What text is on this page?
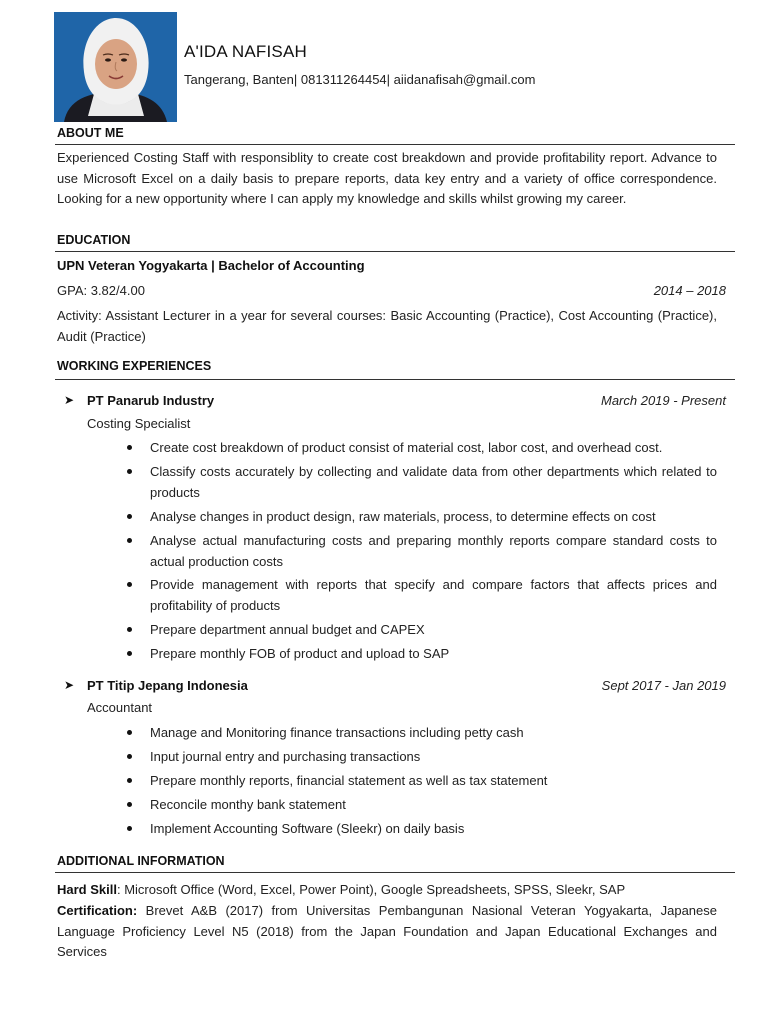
A'IDA NAFISAH
Tangerang, Banten| 081311264454| aiidanafisah@gmail.com
ABOUT ME
Experienced Costing Staff with responsiblity to create cost breakdown and provide profitability report. Advance to use Microsoft Excel on a daily basis to prepare reports, data key entry and a variety of office correspondence. Looking for a new opportunity where I can apply my knowledge and skills whilst growing my career.
EDUCATION
UPN Veteran Yogyakarta | Bachelor of Accounting
GPA: 3.82/4.00	2014 – 2018
Activity: Assistant Lecturer in a year for several courses: Basic Accounting (Practice), Cost Accounting (Practice), Audit (Practice)
WORKING EXPERIENCES
➤ PT Panarub Industry	March 2019 - Present
Costing Specialist
Create cost breakdown of product consist of material cost, labor cost, and overhead cost.
Classify costs accurately by collecting and validate data from other departments which related to products
Analyse changes in product design, raw materials, process, to determine effects on cost
Analyse actual manufacturing costs and preparing monthly reports compare standard costs to actual production costs
Provide management with reports that specify and compare factors that affects prices and profitability of products
Prepare department annual budget and CAPEX
Prepare monthly FOB of product and upload to SAP
➤ PT Titip Jepang Indonesia	Sept 2017 - Jan 2019
Accountant
Manage and Monitoring finance transactions including petty cash
Input journal entry and purchasing transactions
Prepare monthly reports, financial statement as well as tax statement
Reconcile monthy bank statement
Implement Accounting Software (Sleekr) on daily basis
ADDITIONAL INFORMATION
Hard Skill: Microsoft Office (Word, Excel, Power Point), Google Spreadsheets, SPSS, Sleekr, SAP
Certification: Brevet A&B (2017) from Universitas Pembangunan Nasional Veteran Yogyakarta, Japanese Language Proficiency Level N5 (2018) from the Japan Foundation and Japan Educational Exchanges and Services
